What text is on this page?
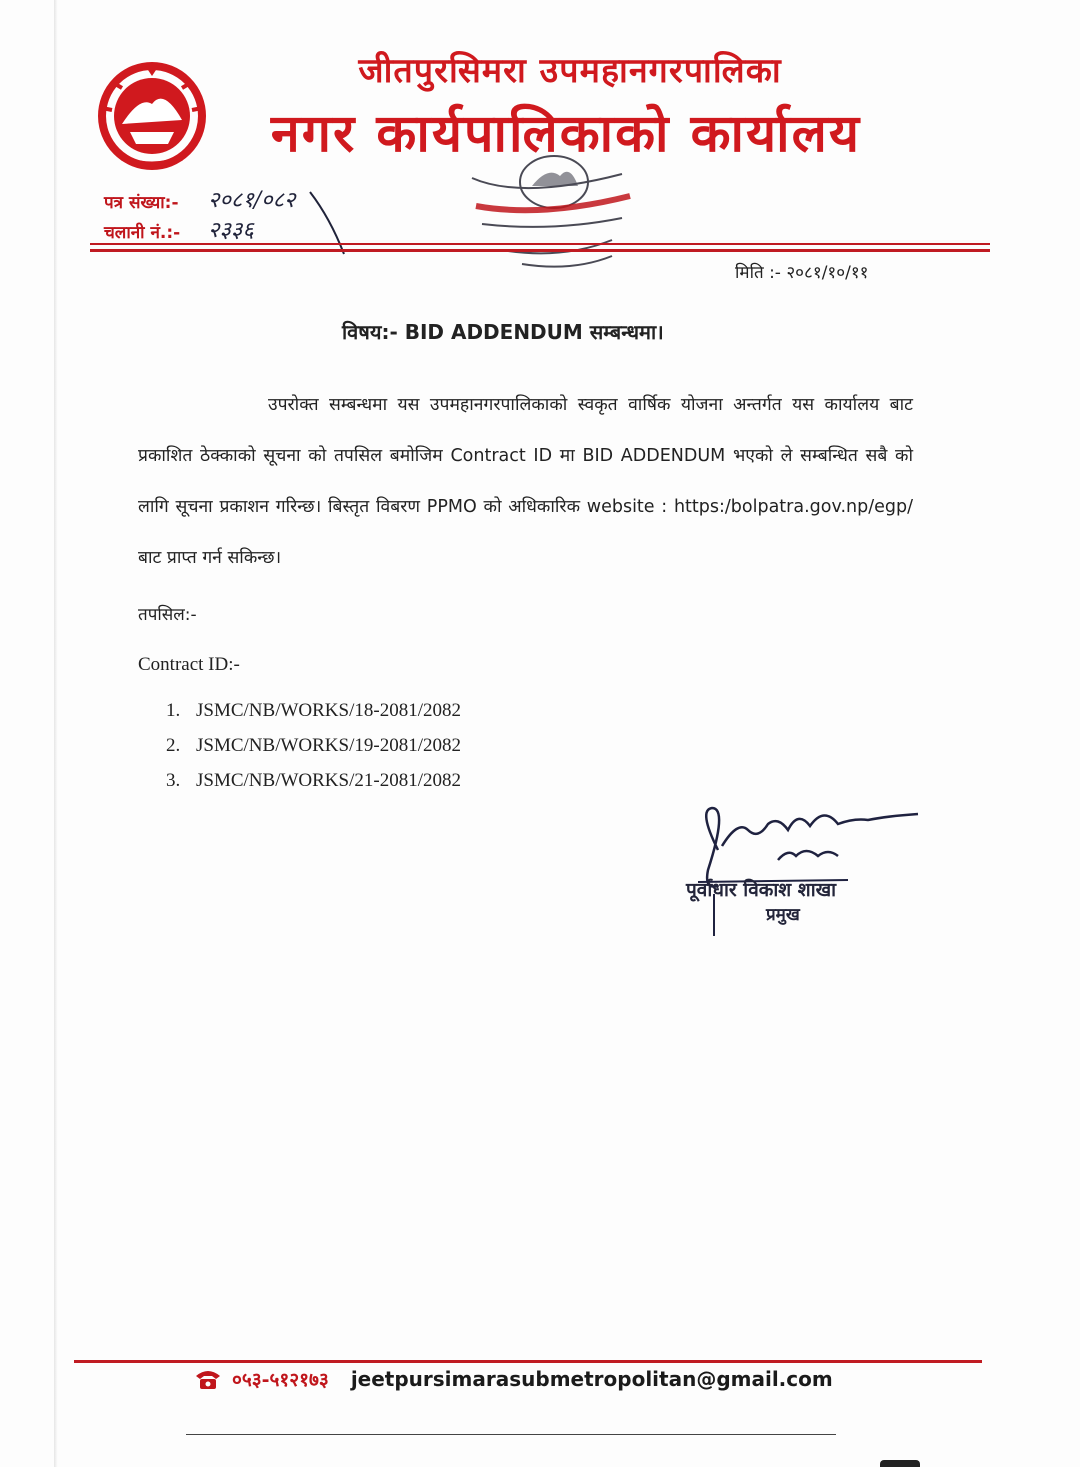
जीतपुरसिमरा उपमहानगरपालिका
नगर कार्यपालिकाको कार्यालय
पत्र संख्या:- २०८१/०८२
चलानी नं.:- २३३६
मिति :- २०८१/१०/११
विषय:- BID ADDENDUM सम्बन्धमा।
उपरोक्त सम्बन्धमा यस उपमहानगरपालिकाको स्वकृत वार्षिक योजना अन्तर्गत यस कार्यालय बाट प्रकाशित ठेक्काको सूचना को तपसिल बमोजिम Contract ID मा BID ADDENDUM भएको ले सम्बन्धित सबै को लागि सूचना प्रकाशन गरिन्छ। बिस्तृत विबरण PPMO को अधिकारिक website : https:/bolpatra.gov.np/egp/ बाट प्राप्त गर्न सकिन्छ।
तपसिल:-
Contract ID:-
1. JSMC/NB/WORKS/18-2081/2082
2. JSMC/NB/WORKS/19-2081/2082
3. JSMC/NB/WORKS/21-2081/2082
पूर्वाधार विकाश शाखा
प्रमुख
०५३-५१२१७३ jeetpursimarasubmetropolitan@gmail.com
